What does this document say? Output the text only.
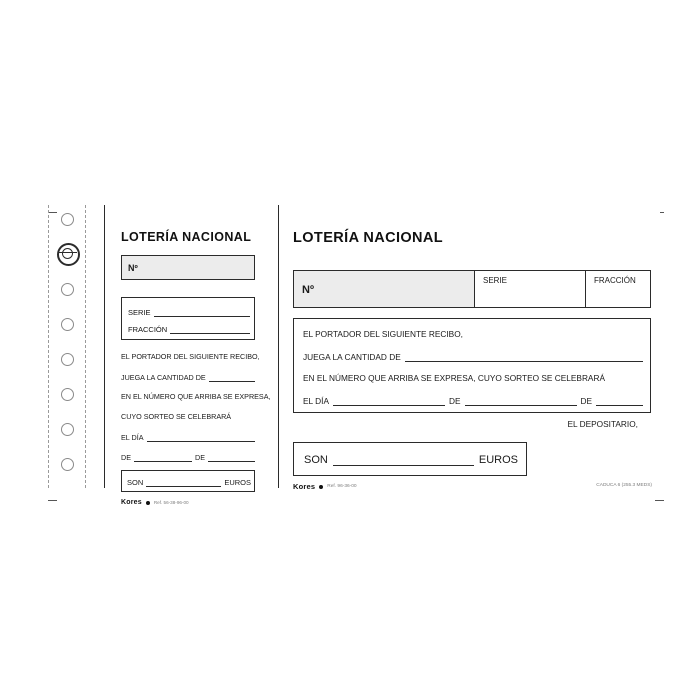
LOTERÍA NACIONAL
Nº
SERIE
FRACCIÓN
EL PORTADOR DEL SIGUIENTE RECIBO,
JUEGA LA CANTIDAD DE
EN EL NÚMERO QUE ARRIBA SE EXPRESA,
CUYO SORTEO SE CELEBRARÁ
EL DÍA
DE	DE
SON	EUROS
Kores	Ref. 56-38-96-00
LOTERÍA NACIONAL
Nº
SERIE	FRACCIÓN
EL PORTADOR DEL SIGUIENTE RECIBO,
JUEGA LA CANTIDAD DE
EN EL NÚMERO QUE ARRIBA SE EXPRESA, CUYO SORTEO SE CELEBRARÁ
EL DÍA	DE	DE
EL DEPOSITARIO,
SON	EUROS
Kores	Ref. 96-36-00	CADUCA 6 (255.3 MEDS)
